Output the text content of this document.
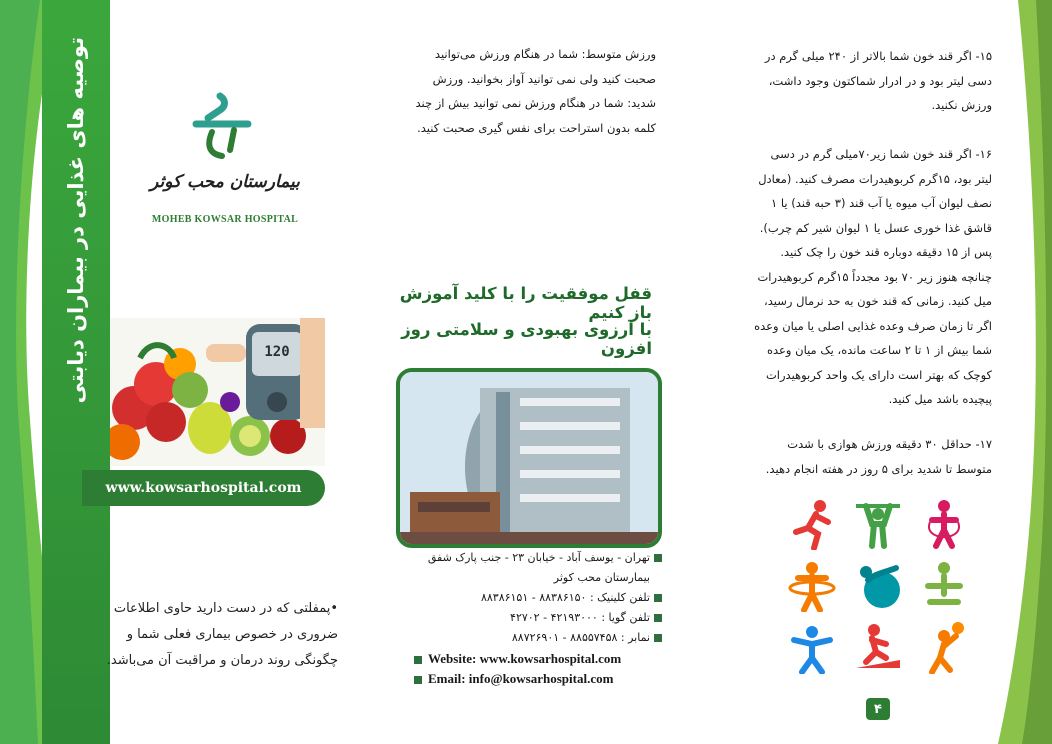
توصیه های غذایی در بیماران دیابتی	بیمارستان محب کوثر
MOHEB KOWSAR HOSPITAL
120
www.kowsarhospital.com
•پمفلتی که در دست دارید حاوی اطلاعات ضروری در خصوص بیماری فعلی شما و چگونگی روند درمان و مراقبت آن می‌باشد.
ورزش متوسط: شما در هنگام ورزش می‌توانید صحبت کنید ولی نمی توانید آواز بخوانید. ورزش شدید: شما در هنگام ورزش نمی توانید بیش از چند کلمه بدون استراحت برای نفس گیری صحبت کنید.
قفل موفقیت را با کلید آموزش باز کنیم
با آرزوی بهبودی و سلامتی روز افزون
تهران - یوسف آباد - خیابان ۲۳ - جنب پارک شفق
بیمارستان محب کوثر
تلفن کلینیک : ۸۸۳۸۶۱۵۰ - ۸۸۳۸۶۱۵۱
تلفن گویا : ۴۲۱۹۳۰۰۰ - ۴۲۷۰۲
نمابر : ۸۸۵۵۷۴۵۸ - ۸۸۷۲۶۹۰۱
Website: www.kowsarhospital.com
Email: info@kowsarhospital.com
۱۵- اگر قند خون شما بالاتر از ۲۴۰ میلی گرم در دسی لیتر بود و در ادرار شماکتون وجود داشت، ورزش نکنید.
۱۶- اگر قند خون شما زیر۷۰میلی گرم در دسی لیتر بود، ۱۵گرم کربوهیدرات مصرف کنید. (معادل نصف لیوان آب میوه یا آب قند (۳ حبه قند) یا ۱ قاشق غذا خوری عسل یا ۱ لیوان شیر کم چرب). پس از ۱۵ دقیقه دوباره قند خون را چک کنید. چنانچه هنوز زیر ۷۰ بود مجدداً ۱۵گرم کربوهیدرات میل کنید. زمانی که قند خون به حد نرمال رسید، اگر تا زمان صرف وعده غذایی اصلی یا میان وعده شما بیش از ۱ تا ۲ ساعت مانده، یک میان وعده کوچک که بهتر است دارای یک واحد کربوهیدرات پیچیده باشد میل کنید.
۱۷- حداقل ۳۰ دقیقه ورزش هوازی با شدت متوسط تا شدید برای ۵ روز در هفته انجام دهید.
۴
